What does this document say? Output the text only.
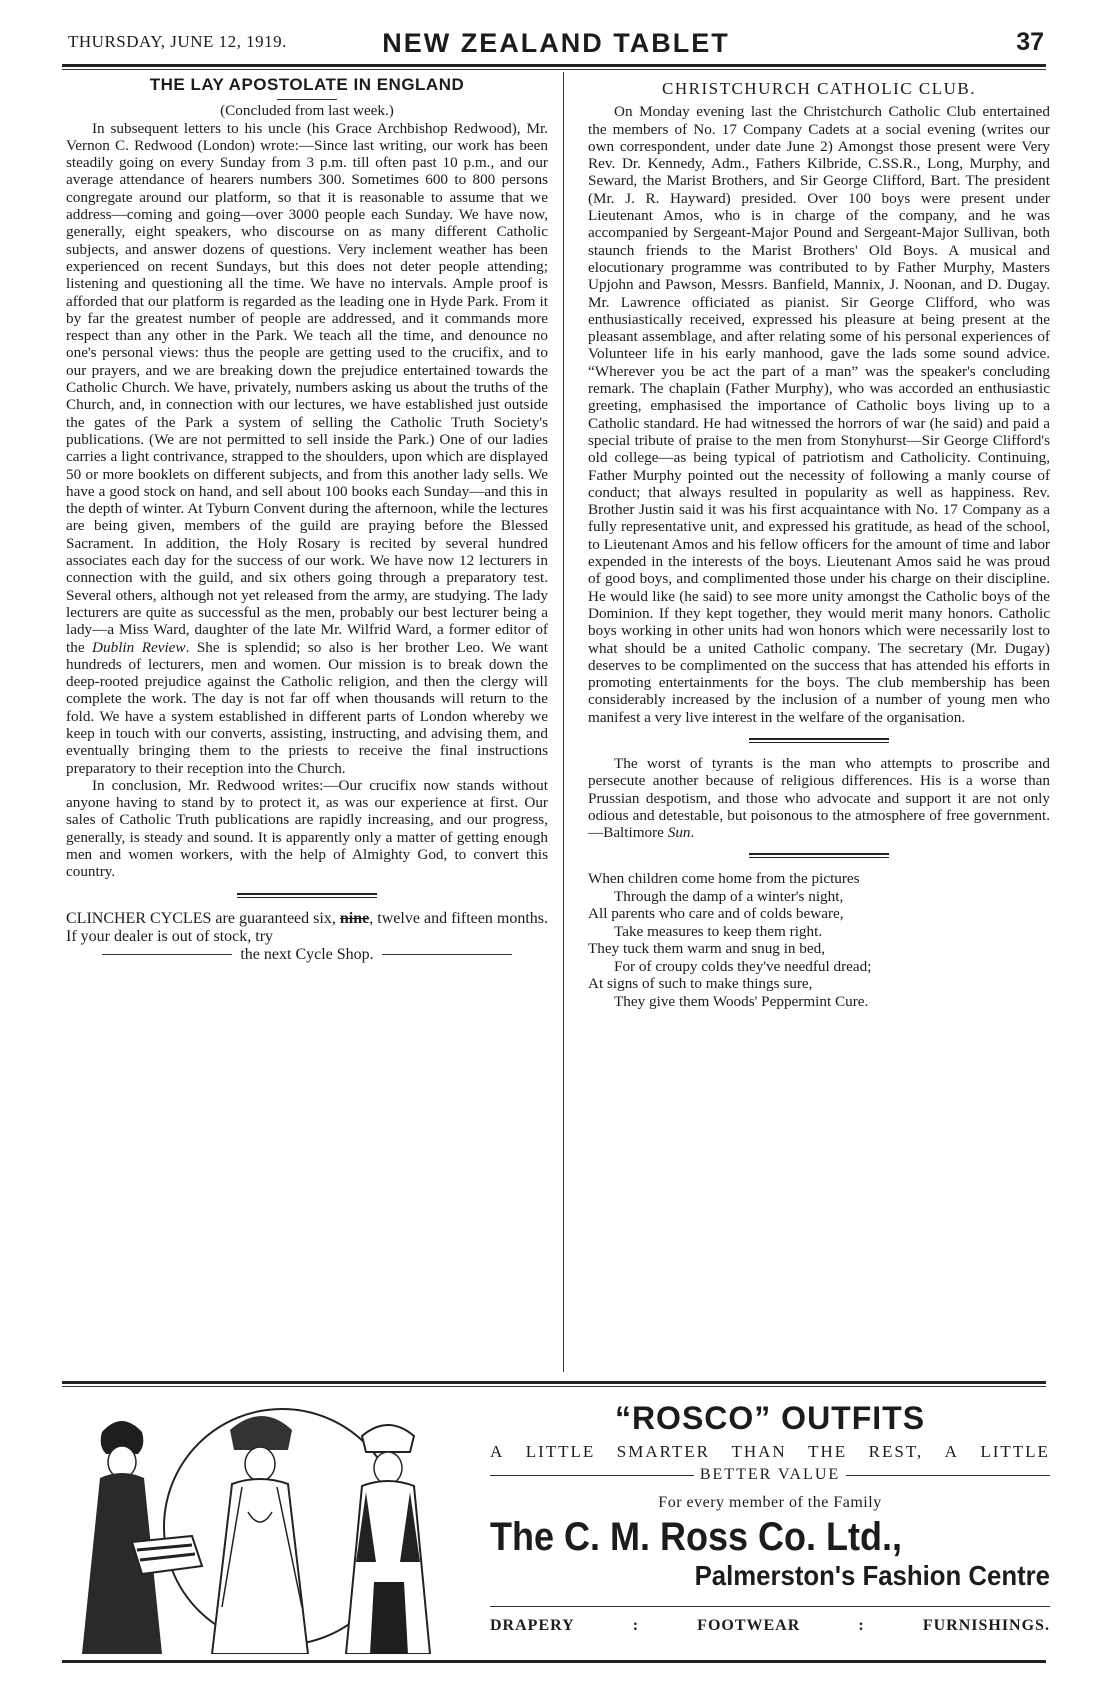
THURSDAY, JUNE 12, 1919.	NEW ZEALAND TABLET	37
THE LAY APOSTOLATE IN ENGLAND
(Concluded from last week.)

In subsequent letters to his uncle (his Grace Archbishop Redwood), Mr. Vernon C. Redwood (London) wrote:—Since last writing, our work has been steadily going on every Sunday from 3 p.m. till often past 10 p.m., and our average attendance of hearers numbers 300. Sometimes 600 to 800 persons congregate around our platform, so that it is reasonable to assume that we address—coming and going—over 3000 people each Sunday. We have now, generally, eight speakers, who discourse on as many different Catholic subjects, and answer dozens of questions. Very inclement weather has been experienced on recent Sundays, but this does not deter people attending; listening and questioning all the time. We have no intervals. Ample proof is afforded that our platform is regarded as the leading one in Hyde Park. From it by far the greatest number of people are addressed, and it commands more respect than any other in the Park. We teach all the time, and denounce no one's personal views: thus the people are getting used to the crucifix, and to our prayers, and we are breaking down the prejudice entertained towards the Catholic Church. We have, privately, numbers asking us about the truths of the Church, and, in connection with our lectures, we have established just outside the gates of the Park a system of selling the Catholic Truth Society's publications. (We are not permitted to sell inside the Park.) One of our ladies carries a light contrivance, strapped to the shoulders, upon which are displayed 50 or more booklets on different subjects, and from this another lady sells. We have a good stock on hand, and sell about 100 books each Sunday—and this in the depth of winter. At Tyburn Convent during the afternoon, while the lectures are being given, members of the guild are praying before the Blessed Sacrament. In addition, the Holy Rosary is recited by several hundred associates each day for the success of our work. We have now 12 lecturers in connection with the guild, and six others going through a preparatory test. Several others, although not yet released from the army, are studying. The lady lecturers are quite as successful as the men, probably our best lecturer being a lady—a Miss Ward, daughter of the late Mr. Wilfrid Ward, a former editor of the Dublin Review. She is splendid; so also is her brother Leo. We want hundreds of lecturers, men and women. Our mission is to break down the deep-rooted prejudice against the Catholic religion, and then the clergy will complete the work. The day is not far off when thousands will return to the fold. We have a system established in different parts of London whereby we keep in touch with our converts, assisting, instructing, and advising them, and eventually bringing them to the priests to receive the final instructions preparatory to their reception into the Church.

In conclusion, Mr. Redwood writes:—Our crucifix now stands without anyone having to stand by to protect it, as was our experience at first. Our sales of Catholic Truth publications are rapidly increasing, and our progress, generally, is steady and sound. It is apparently only a matter of getting enough men and women workers, with the help of Almighty God, to convert this country.

CLINCHER CYCLES are guaranteed six, nine, twelve and fifteen months. If your dealer is out of stock, try
the next Cycle Shop.
CHRISTCHURCH CATHOLIC CLUB.

On Monday evening last the Christchurch Catholic Club entertained the members of No. 17 Company Cadets at a social evening (writes our own correspondent, under date June 2) Amongst those present were Very Rev. Dr. Kennedy, Adm., Fathers Kilbride, C.SS.R., Long, Murphy, and Seward, the Marist Brothers, and Sir George Clifford, Bart. The president (Mr. J. R. Hayward) presided. Over 100 boys were present under Lieutenant Amos, who is in charge of the company, and he was accompanied by Sergeant-Major Pound and Sergeant-Major Sullivan, both staunch friends to the Marist Brothers' Old Boys. A musical and elocutionary programme was contributed to by Father Murphy, Masters Upjohn and Pawson, Messrs. Banfield, Mannix, J. Noonan, and D. Dugay. Mr. Lawrence officiated as pianist. Sir George Clifford, who was enthusiastically received, expressed his pleasure at being present at the pleasant assemblage, and after relating some of his personal experiences of Volunteer life in his early manhood, gave the lads some sound advice. “Wherever you be act the part of a man” was the speaker's concluding remark. The chaplain (Father Murphy), who was accorded an enthusiastic greeting, emphasised the importance of Catholic boys living up to a Catholic standard. He had witnessed the horrors of war (he said) and paid a special tribute of praise to the men from Stonyhurst—Sir George Clifford's old college—as being typical of patriotism and Catholicity. Continuing, Father Murphy pointed out the necessity of following a manly course of conduct; that always resulted in popularity as well as happiness. Rev. Brother Justin said it was his first acquaintance with No. 17 Company as a fully representative unit, and expressed his gratitude, as head of the school, to Lieutenant Amos and his fellow officers for the amount of time and labor expended in the interests of the boys. Lieutenant Amos said he was proud of good boys, and complimented those under his charge on their discipline. He would like (he said) to see more unity amongst the Catholic boys of the Dominion. If they kept together, they would merit many honors. Catholic boys working in other units had won honors which were necessarily lost to what should be a united Catholic company. The secretary (Mr. Dugay) deserves to be complimented on the success that has attended his efforts in promoting entertainments for the boys. The club membership has been considerably increased by the inclusion of a number of young men who manifest a very live interest in the welfare of the organisation.

The worst of tyrants is the man who attempts to proscribe and persecute another because of religious differences. His is a worse than Prussian despotism, and those who advocate and support it are not only odious and detestable, but poisonous to the atmosphere of free government.—Baltimore Sun.

When children come home from the pictures
Through the damp of a winter's night,
All parents who care and of colds beware,
Take measures to keep them right.
They tuck them warm and snug in bed,
For of croupy colds they've needful dread;
At signs of such to make things sure,
They give them Woods' Peppermint Cure.
“ROSCO” OUTFITS
A LITTLE SMARTER THAN THE REST, A LITTLE
BETTER VALUE
For every member of the Family
The C. M. Ross Co. Ltd.,
Palmerston's Fashion Centre
DRAPERY	:	FOOTWEAR	:	FURNISHINGS.
